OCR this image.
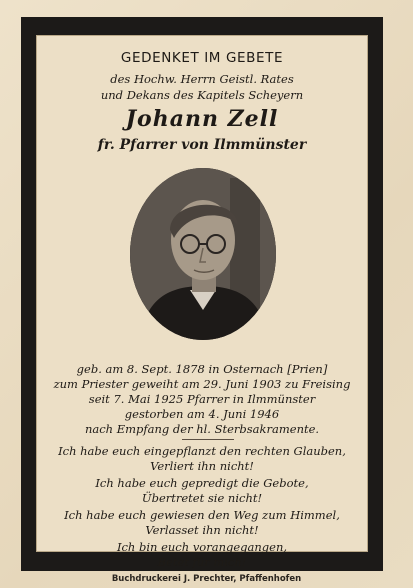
GEDENKET IM GEBETE
des Hochw. Herrn Geistl. Rates
und Dekans des Kapitels Scheyern
Johann Zell
fr. Pfarrer von Ilmmünster
geb. am 8. Sept. 1878 in Osternach [Prien]
zum Priester geweiht am 29. Juni 1903 zu Freising
seit 7. Mai 1925 Pfarrer in Ilmmünster
gestorben am 4. Juni 1946
nach Empfang der hl. Sterbsakramente.
Ich habe euch eingepflanzt den rechten Glauben,
Verliert ihn nicht!
Ich habe euch gepredigt die Gebote,
Übertretet sie nicht!
Ich habe euch gewiesen den Weg zum Himmel,
Verlasset ihn nicht!
Ich bin euch vorangegangen,
Betet für mich!
Buchdruckerei J. Prechter, Pfaffenhofen
